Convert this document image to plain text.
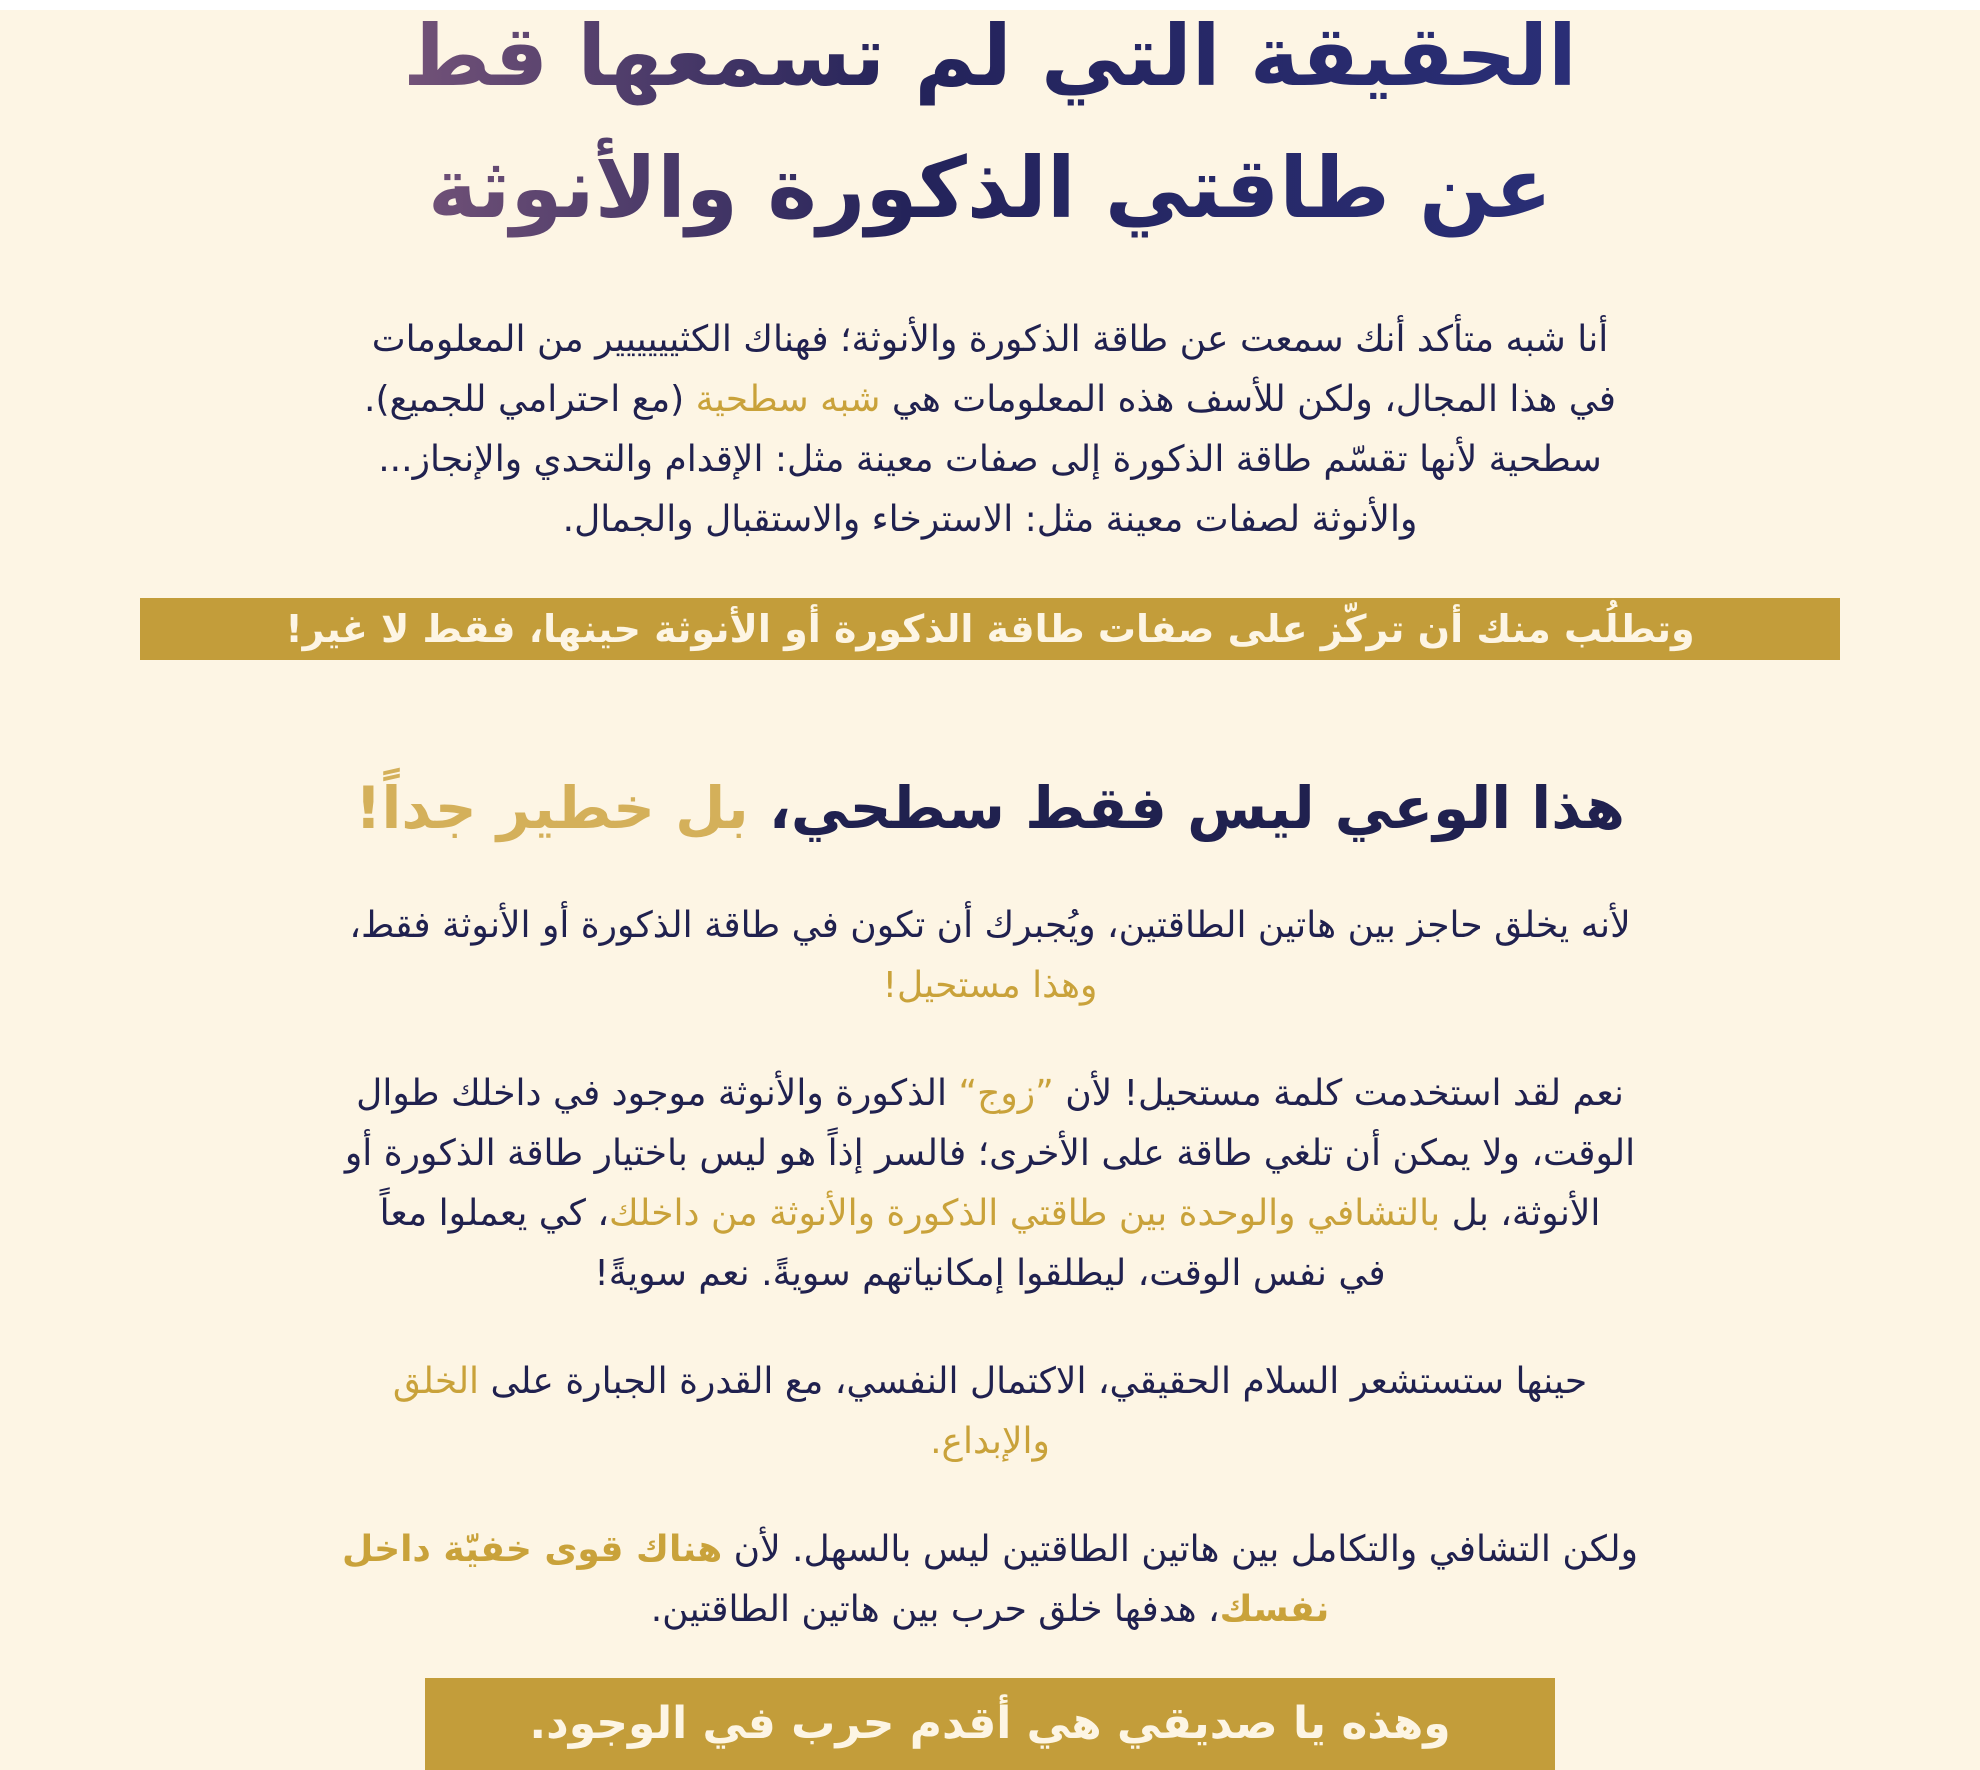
الحقيقة التي لم تسمعها قط
عن طاقتي الذكورة والأنوثة

أنا شبه متأكد أنك سمعت عن طاقة الذكورة والأنوثة؛ فهناك الكثيييييير من المعلومات
في هذا المجال، ولكن للأسف هذه المعلومات هي شبه سطحية (مع احترامي للجميع).
سطحية لأنها تقسّم طاقة الذكورة إلى صفات معينة مثل: الإقدام والتحدي والإنجاز...
والأنوثة لصفات معينة مثل: الاسترخاء والاستقبال والجمال.

وتطلُب منك أن تركّز على صفات طاقة الذكورة أو الأنوثة حينها، فقط لا غير!
هذا الوعي ليس فقط سطحي، بل خطير جداً!

لأنه يخلق حاجز بين هاتين الطاقتين، ويُجبرك أن تكون في طاقة الذكورة أو الأنوثة فقط،
وهذا مستحيل!

نعم لقد استخدمت كلمة مستحيل! لأن ”زوج“ الذكورة والأنوثة موجود في داخلك طوال
الوقت، ولا يمكن أن تلغي طاقة على الأخرى؛ فالسر إذاً هو ليس باختيار طاقة الذكورة أو
الأنوثة، بل بالتشافي والوحدة بين طاقتي الذكورة والأنوثة من داخلك، كي يعملوا معاً
في نفس الوقت، ليطلقوا إمكانياتهم سويةً. نعم سويةً!

حينها ستستشعر السلام الحقيقي، الاكتمال النفسي، مع القدرة الجبارة على الخلق
والإبداع.

ولكن التشافي والتكامل بين هاتين الطاقتين ليس بالسهل. لأن هناك قوى خفيّة داخل
نفسك، هدفها خلق حرب بين هاتين الطاقتين.

وهذه يا صديقي هي أقدم حرب في الوجود.
